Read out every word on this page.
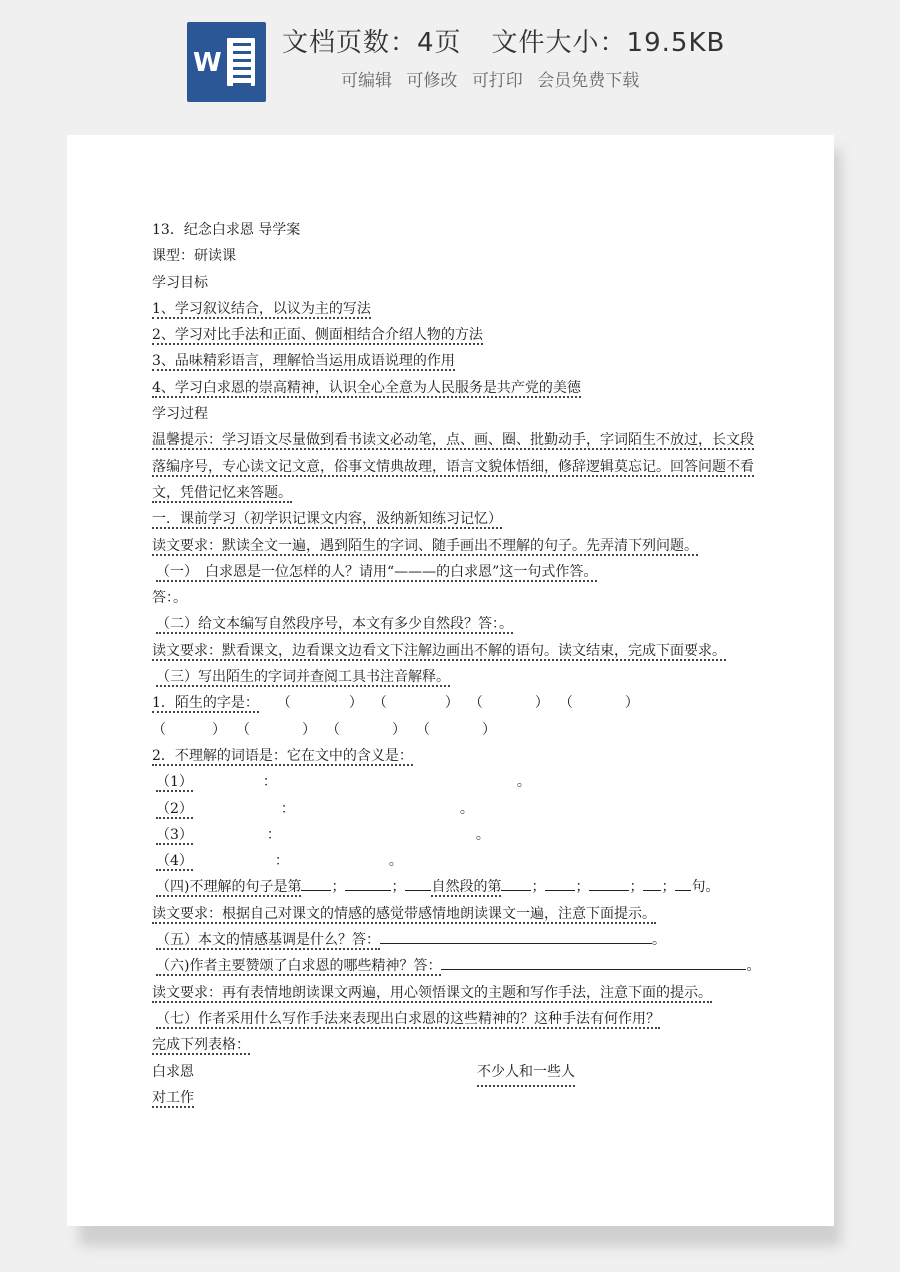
W
文档页数：4页 文件大小：19.5KB
可编辑 可修改 可打印 会员免费下载
13．纪念白求恩 导学案
课型：研读课
学习目标
1、学习叙议结合，以议为主的写法
2、学习对比手法和正面、侧面相结合介绍人物的方法
3、品味精彩语言，理解恰当运用成语说理的作用
4、学习白求恩的崇高精神，认识全心全意为人民服务是共产党的美德
学习过程
温馨提示：学习语文尽量做到看书读文必动笔，点、画、圈、批勤动手，字词陌生不放过，长文段落编序号，专心读文记文意，俗事文情典故理，语言文貌体悟细，修辞逻辑莫忘记。回答问题不看文，凭借记忆来答题。
一．课前学习（初学识记课文内容，汲纳新知练习记忆）
读文要求：默读全文一遍，遇到陌生的字词、随手画出不理解的句子。先弄清下列问题。
（一）　白求恩是一位怎样的人？请用“———的白求恩”这一句式作答。
答：。
（二）给文本编写自然段序号，本文有多少自然段？答：。
读文要求：默看课文，边看课文边看文下注解边画出不解的语句。读文结束，完成下面要求。
（三）写出陌生的字词并查阅工具书注音解释。
1．陌生的字是： （	） （	） （	） （	）
（	） （	） （	） （	）
2．不理解的词语是：它在文中的含义是：
（1）	：	。
（2）	：	。
（3）	：	。
（4）	：	。
（四)不理解的句子是第 ；	； 自然段的第 ； ；	； ； 句。
读文要求：根据自己对课文的情感的感觉带感情地朗读课文一遍，注意下面提示。
（五）本文的情感基调是什么？答：	。
（六)作者主要赞颂了白求恩的哪些精神？答：	。
读文要求：再有表情地朗读课文两遍，用心领悟课文的主题和写作手法，注意下面的提示。
（七）作者采用什么写作手法来表现出白求恩的这些精神的？这种手法有何作用？
完成下列表格：
白求恩	不少人和一些人
对工作
